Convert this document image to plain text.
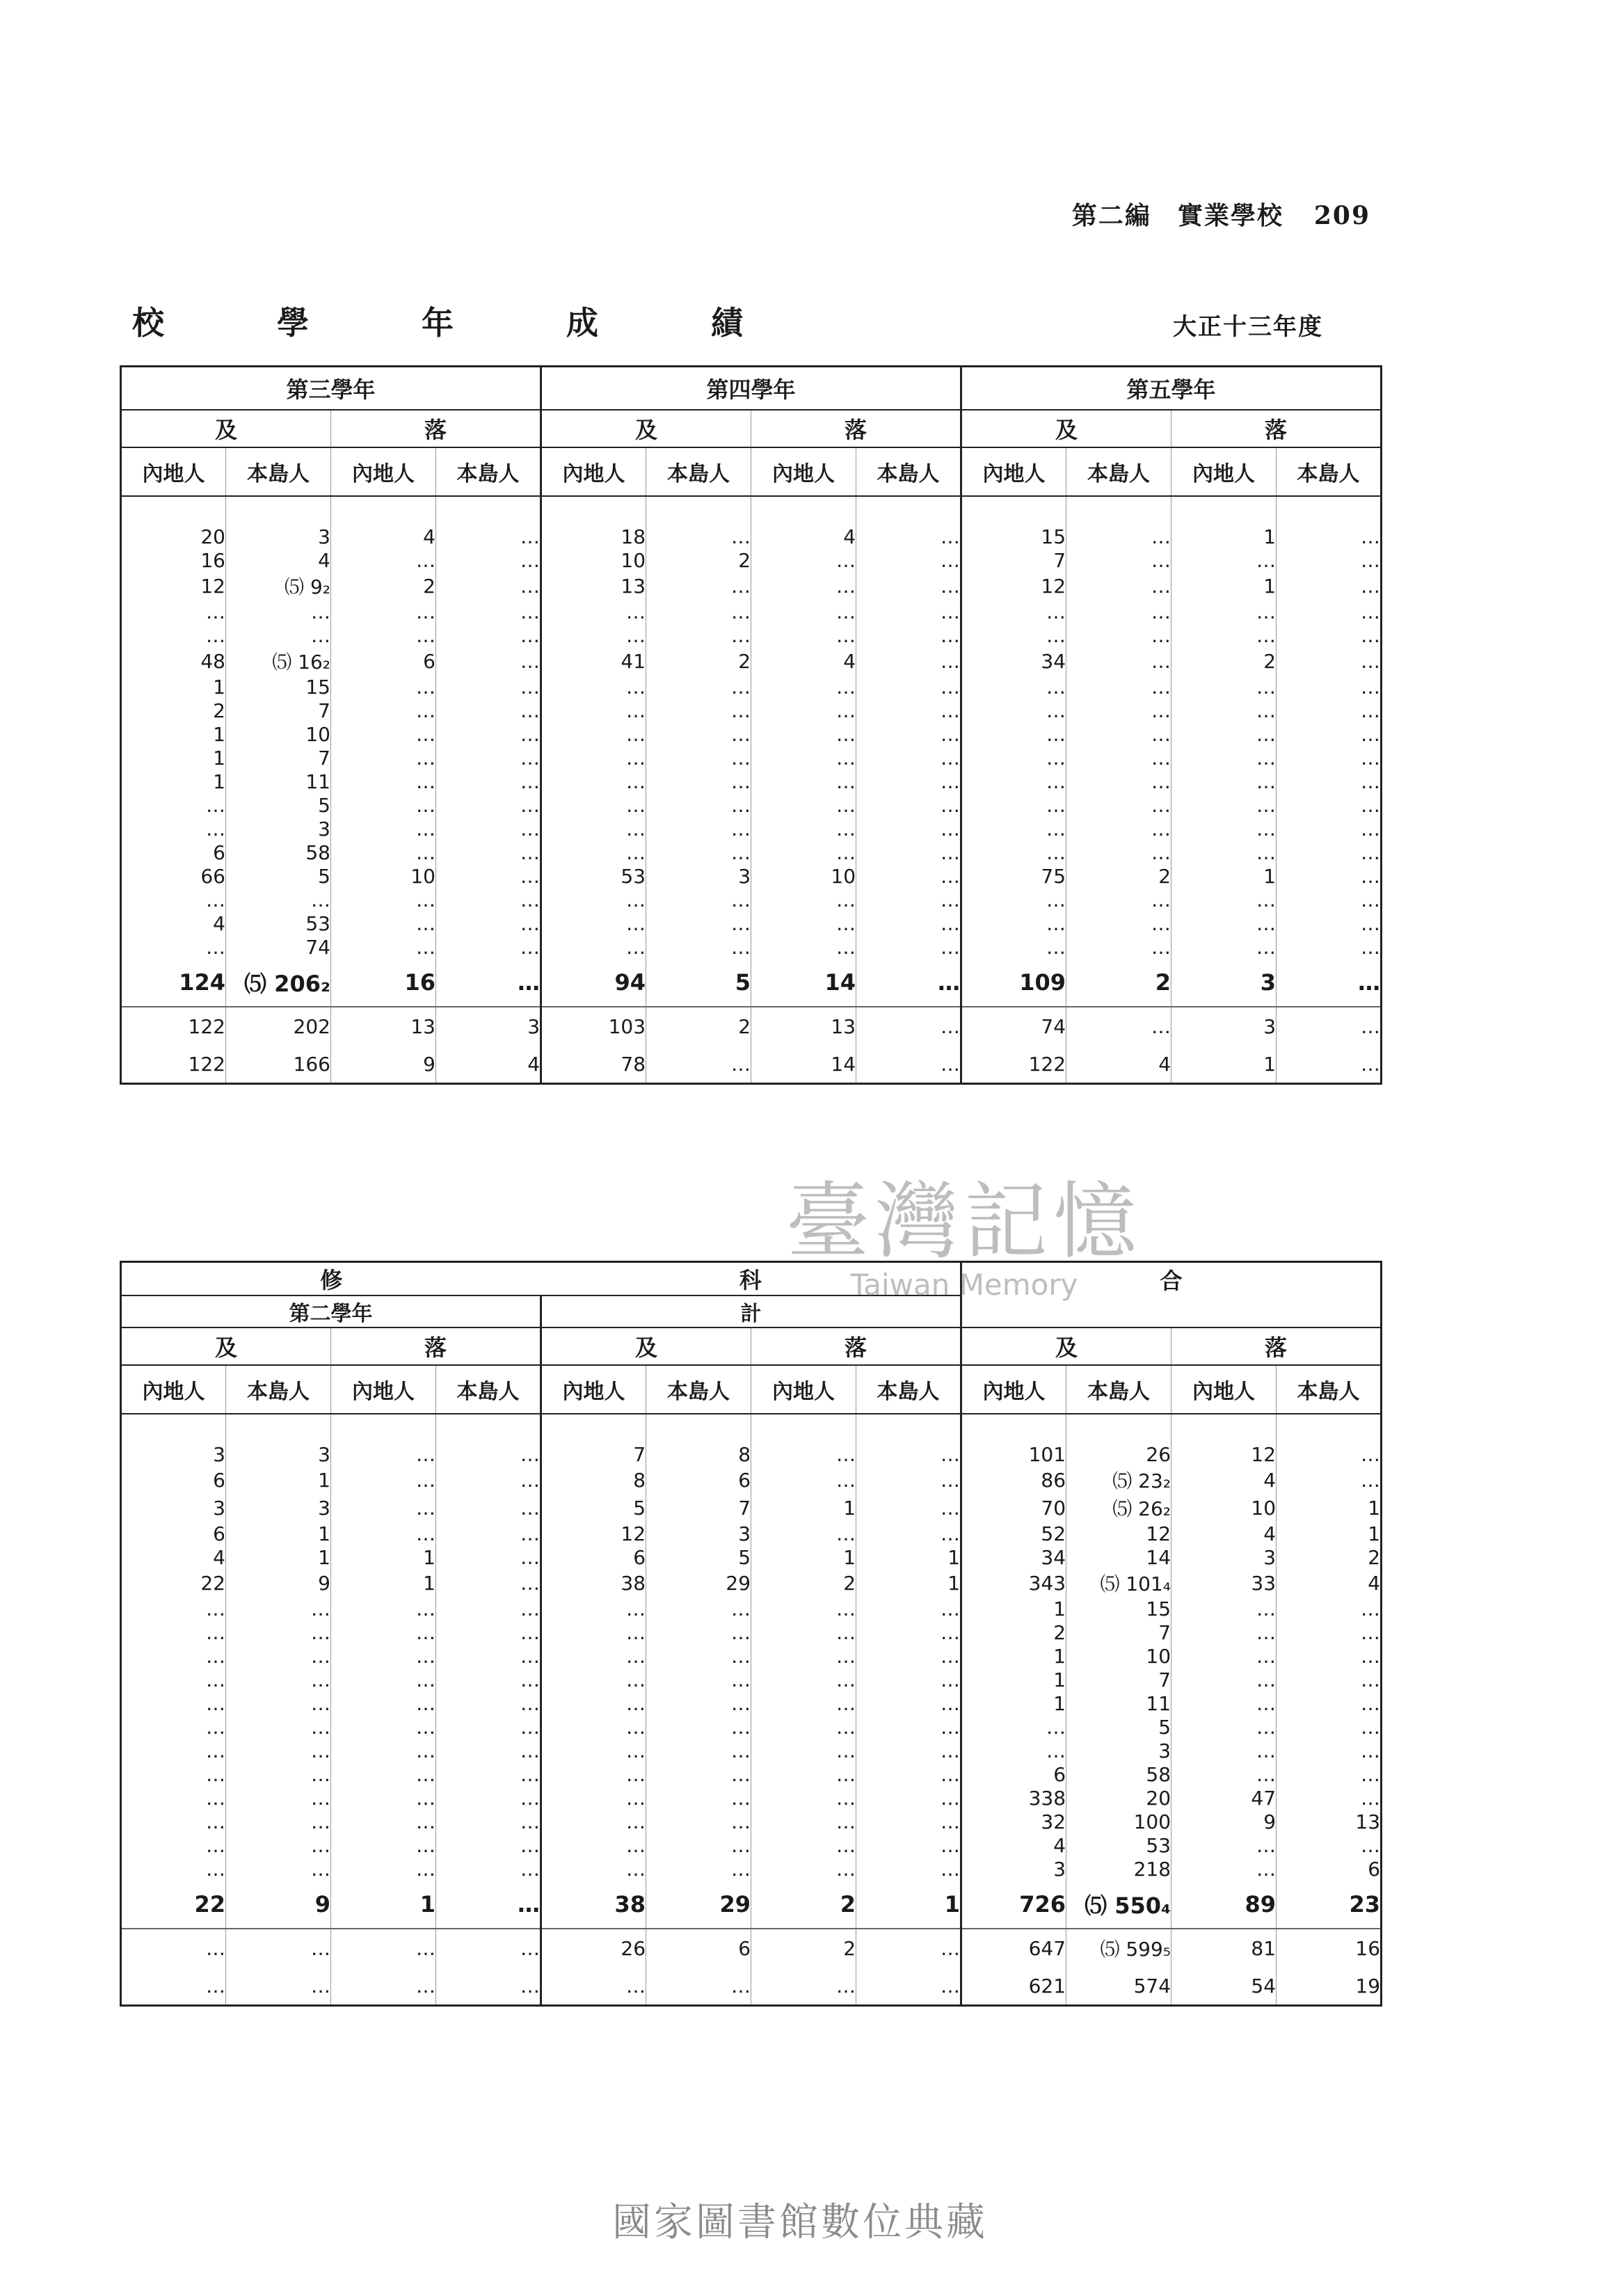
第二編　實業學校 209
校　學　年　成　績	大正十三年度
第三學年				第四學年				第五學年			
及		落		及		落		及		落	
內地人	本島人	內地人	本島人	內地人	本島人	內地人	本島人	內地人	本島人	內地人	本島人

20	3	4	…	18	…	4	…	15	…	1	…
16	4	…	…	10	2	…	…	7	…	…	…
12	⑸ 9₂	2	…	13	…	…	…	12	…	1	…
…	…	…	…	…	…	…	…	…	…	…	…
…	…	…	…	…	…	…	…	…	…	…	…
48	⑸ 16₂	6	…	41	2	4	…	34	…	2	…
1	15	…	…	…	…	…	…	…	…	…	…
2	7	…	…	…	…	…	…	…	…	…	…
1	10	…	…	…	…	…	…	…	…	…	…
1	7	…	…	…	…	…	…	…	…	…	…
1	11	…	…	…	…	…	…	…	…	…	…
…	5	…	…	…	…	…	…	…	…	…	…
…	3	…	…	…	…	…	…	…	…	…	…
6	58	…	…	…	…	…	…	…	…	…	…
66	5	10	…	53	3	10	…	75	2	1	…
…	…	…	…	…	…	…	…	…	…	…	…
4	53	…	…	…	…	…	…	…	…	…	…
…	74	…	…	…	…	…	…	…	…	…	…
124	⑸ 206₂	16	…	94	5	14	…	109	2	3	…
122	202	13	3	103	2	13	…	74	…	3	…
122	166	9	4	78	…	14	…	122	4	1	…
修				科				合			
第二學年				計							
及		落		及		落		及		落	
內地人	本島人	內地人	本島人	內地人	本島人	內地人	本島人	內地人	本島人	內地人	本島人

3	3	…	…	7	8	…	…	101	26	12	…
6	1	…	…	8	6	…	…	86	⑸ 23₂	4	…
3	3	…	…	5	7	1	…	70	⑸ 26₂	10	1
6	1	…	…	12	3	…	…	52	12	4	1
4	1	1	…	6	5	1	1	34	14	3	2
22	9	1	…	38	29	2	1	343	⑸ 101₄	33	4
…	…	…	…	…	…	…	…	1	15	…	…
…	…	…	…	…	…	…	…	2	7	…	…
…	…	…	…	…	…	…	…	1	10	…	…
…	…	…	…	…	…	…	…	1	7	…	…
…	…	…	…	…	…	…	…	1	11	…	…
…	…	…	…	…	…	…	…	…	5	…	…
…	…	…	…	…	…	…	…	…	3	…	…
…	…	…	…	…	…	…	…	6	58	…	…
…	…	…	…	…	…	…	…	338	20	47	…
…	…	…	…	…	…	…	…	32	100	9	13
…	…	…	…	…	…	…	…	4	53	…	…
…	…	…	…	…	…	…	…	3	218	…	6
22	9	1	…	38	29	2	1	726	⑸ 550₄	89	23
…	…	…	…	26	6	2	…	647	⑸ 599₅	81	16
…	…	…	…	…	…	…	…	621	574	54	19
臺灣記憶
Taiwan Memory
國家圖書館數位典藏
